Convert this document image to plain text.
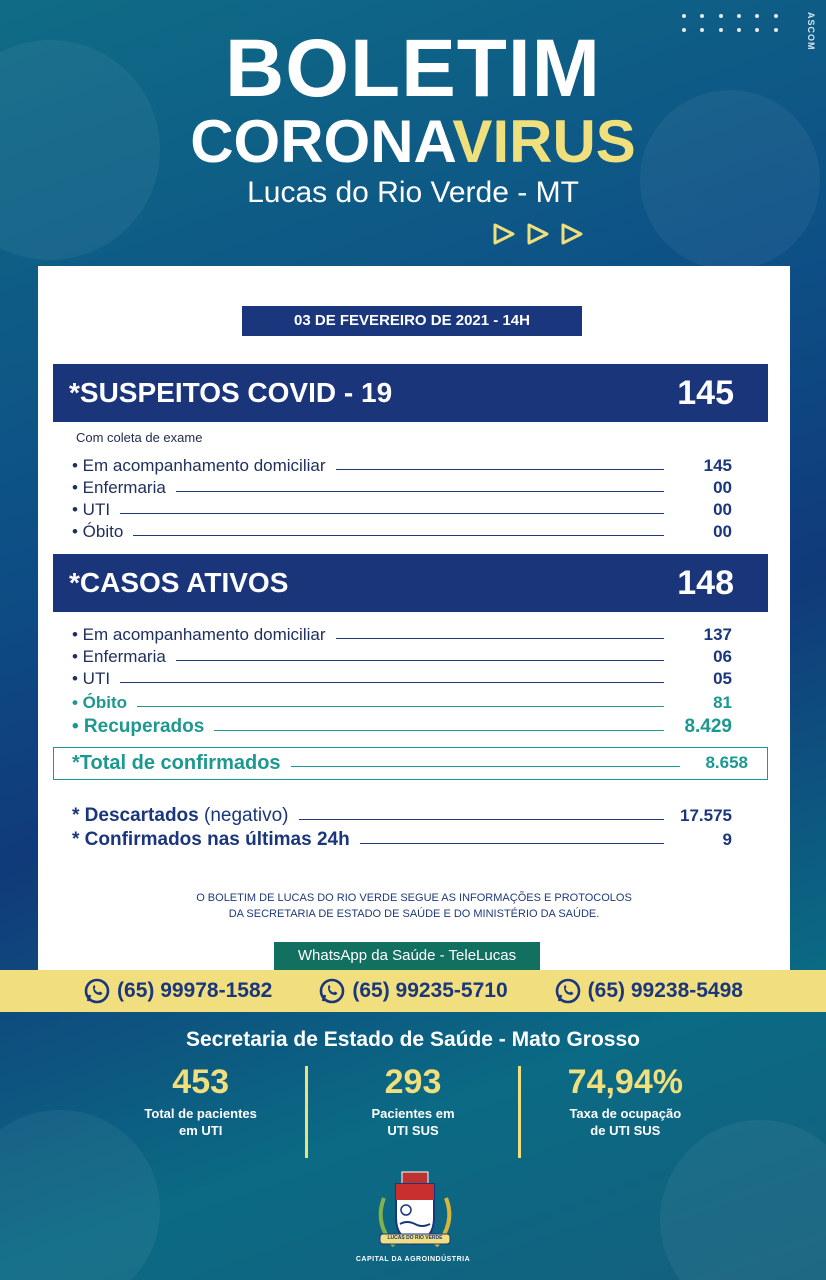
ASCOM
BOLETIM
CORONAVIRUS
Lucas do Rio Verde - MT
03 DE FEVEREIRO DE 2021 - 14H
*SUSPEITOS COVID - 19	145
Com coleta de exame
• Em acompanhamento domiciliar	145
• Enfermaria	00
• UTI	00
• Óbito	00
*CASOS ATIVOS	148
• Em acompanhamento domiciliar	137
• Enfermaria	06
• UTI	05
• Óbito	81
• Recuperados	8.429
*Total de confirmados	8.658
* Descartados (negativo)	17.575
* Confirmados nas últimas 24h	9
O BOLETIM DE LUCAS DO RIO VERDE SEGUE AS INFORMAÇÕES E PROTOCOLOS
DA SECRETARIA DE ESTADO DE SAÚDE E DO MINISTÉRIO DA SAÚDE.
WhatsApp da Saúde - TeleLucas
(65) 99978-1582	(65) 99235-5710	(65) 99238-5498
Secretaria de Estado de Saúde - Mato Grosso
453
Total de pacientes
em UTI
293
Pacientes em
UTI SUS
74,94%
Taxa de ocupação
de UTI SUS
LUCAS DO RIO VERDE
CAPITAL DA AGROINDÚSTRIA
